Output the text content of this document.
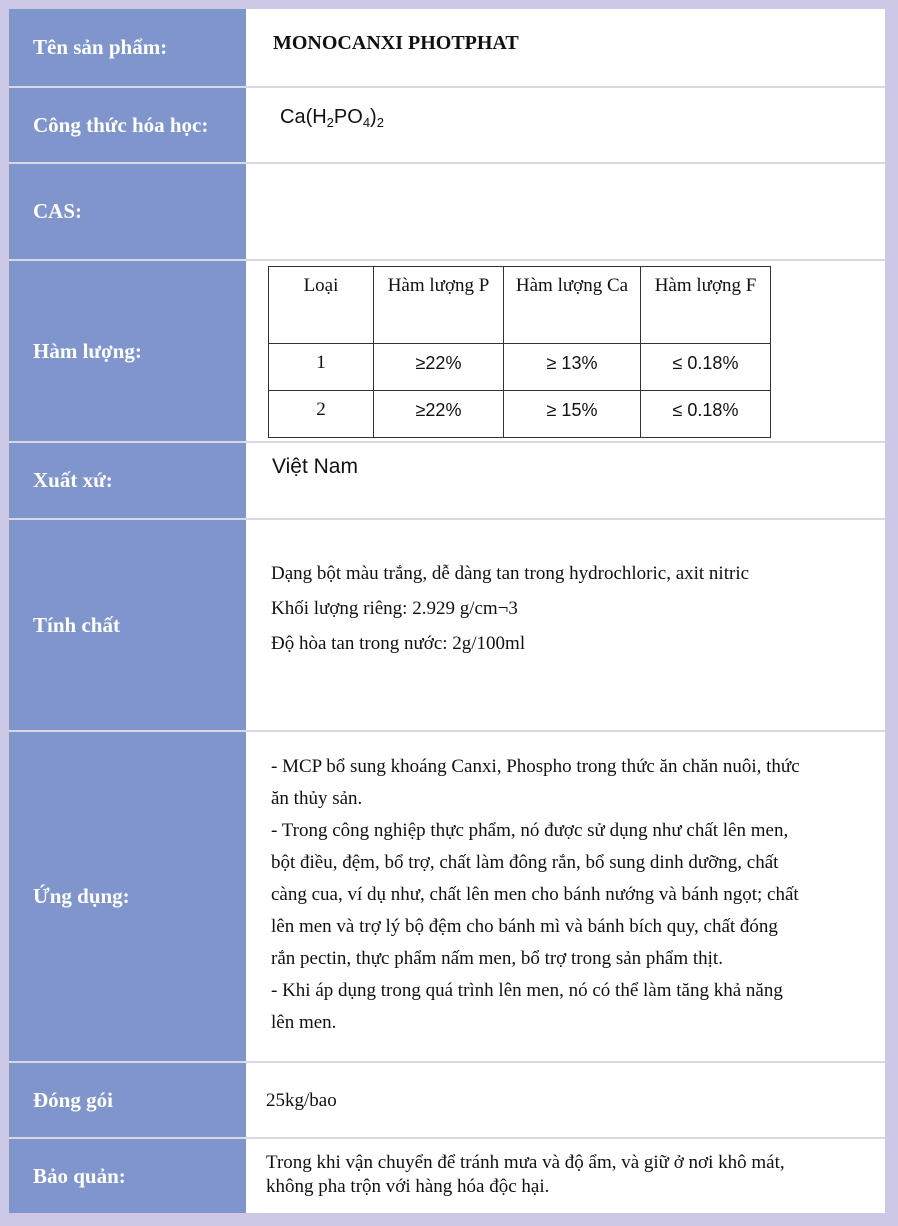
Tên sản phẩm:	MONOCANXI PHOTPHAT
Công thức hóa học:	$Ca(H_2PO_4)_2$
CAS:
Hàm lượng:
Loại	Hàm lượng P	Hàm lượng Ca	Hàm lượng F
1	≥22%	≥ 13%	≤ 0.18%
2	≥22%	≥ 15%	≤ 0.18%
Xuất xứ:
Việt Nam
Tính chất
Dạng bột màu trắng, dễ dàng tan trong hydrochloric, axit nitric
Khối lượng riêng: 2.929 g/cm¬3
Độ hòa tan trong nước: 2g/100ml
Ứng dụng:
- MCP bổ sung khoáng Canxi, Phospho trong thức ăn chăn nuôi, thức
ăn thủy sản.
- Trong công nghiệp thực phẩm, nó được sử dụng như chất lên men,
bột điều, đệm, bổ trợ, chất làm đông rắn, bổ sung dinh dưỡng, chất
càng cua, ví dụ như, chất lên men cho bánh nướng và bánh ngọt; chất
lên men và trợ lý bộ đệm cho bánh mì và bánh bích quy, chất đóng
rắn pectin, thực phẩm nấm men, bổ trợ trong sản phẩm thịt.
- Khi áp dụng trong quá trình lên men, nó có thể làm tăng khả năng
lên men.
Đóng gói	25kg/bao
Bảo quản:
Trong khi vận chuyển để tránh mưa và độ ẩm, và giữ ở nơi khô mát,
không pha trộn với hàng hóa độc hại.
